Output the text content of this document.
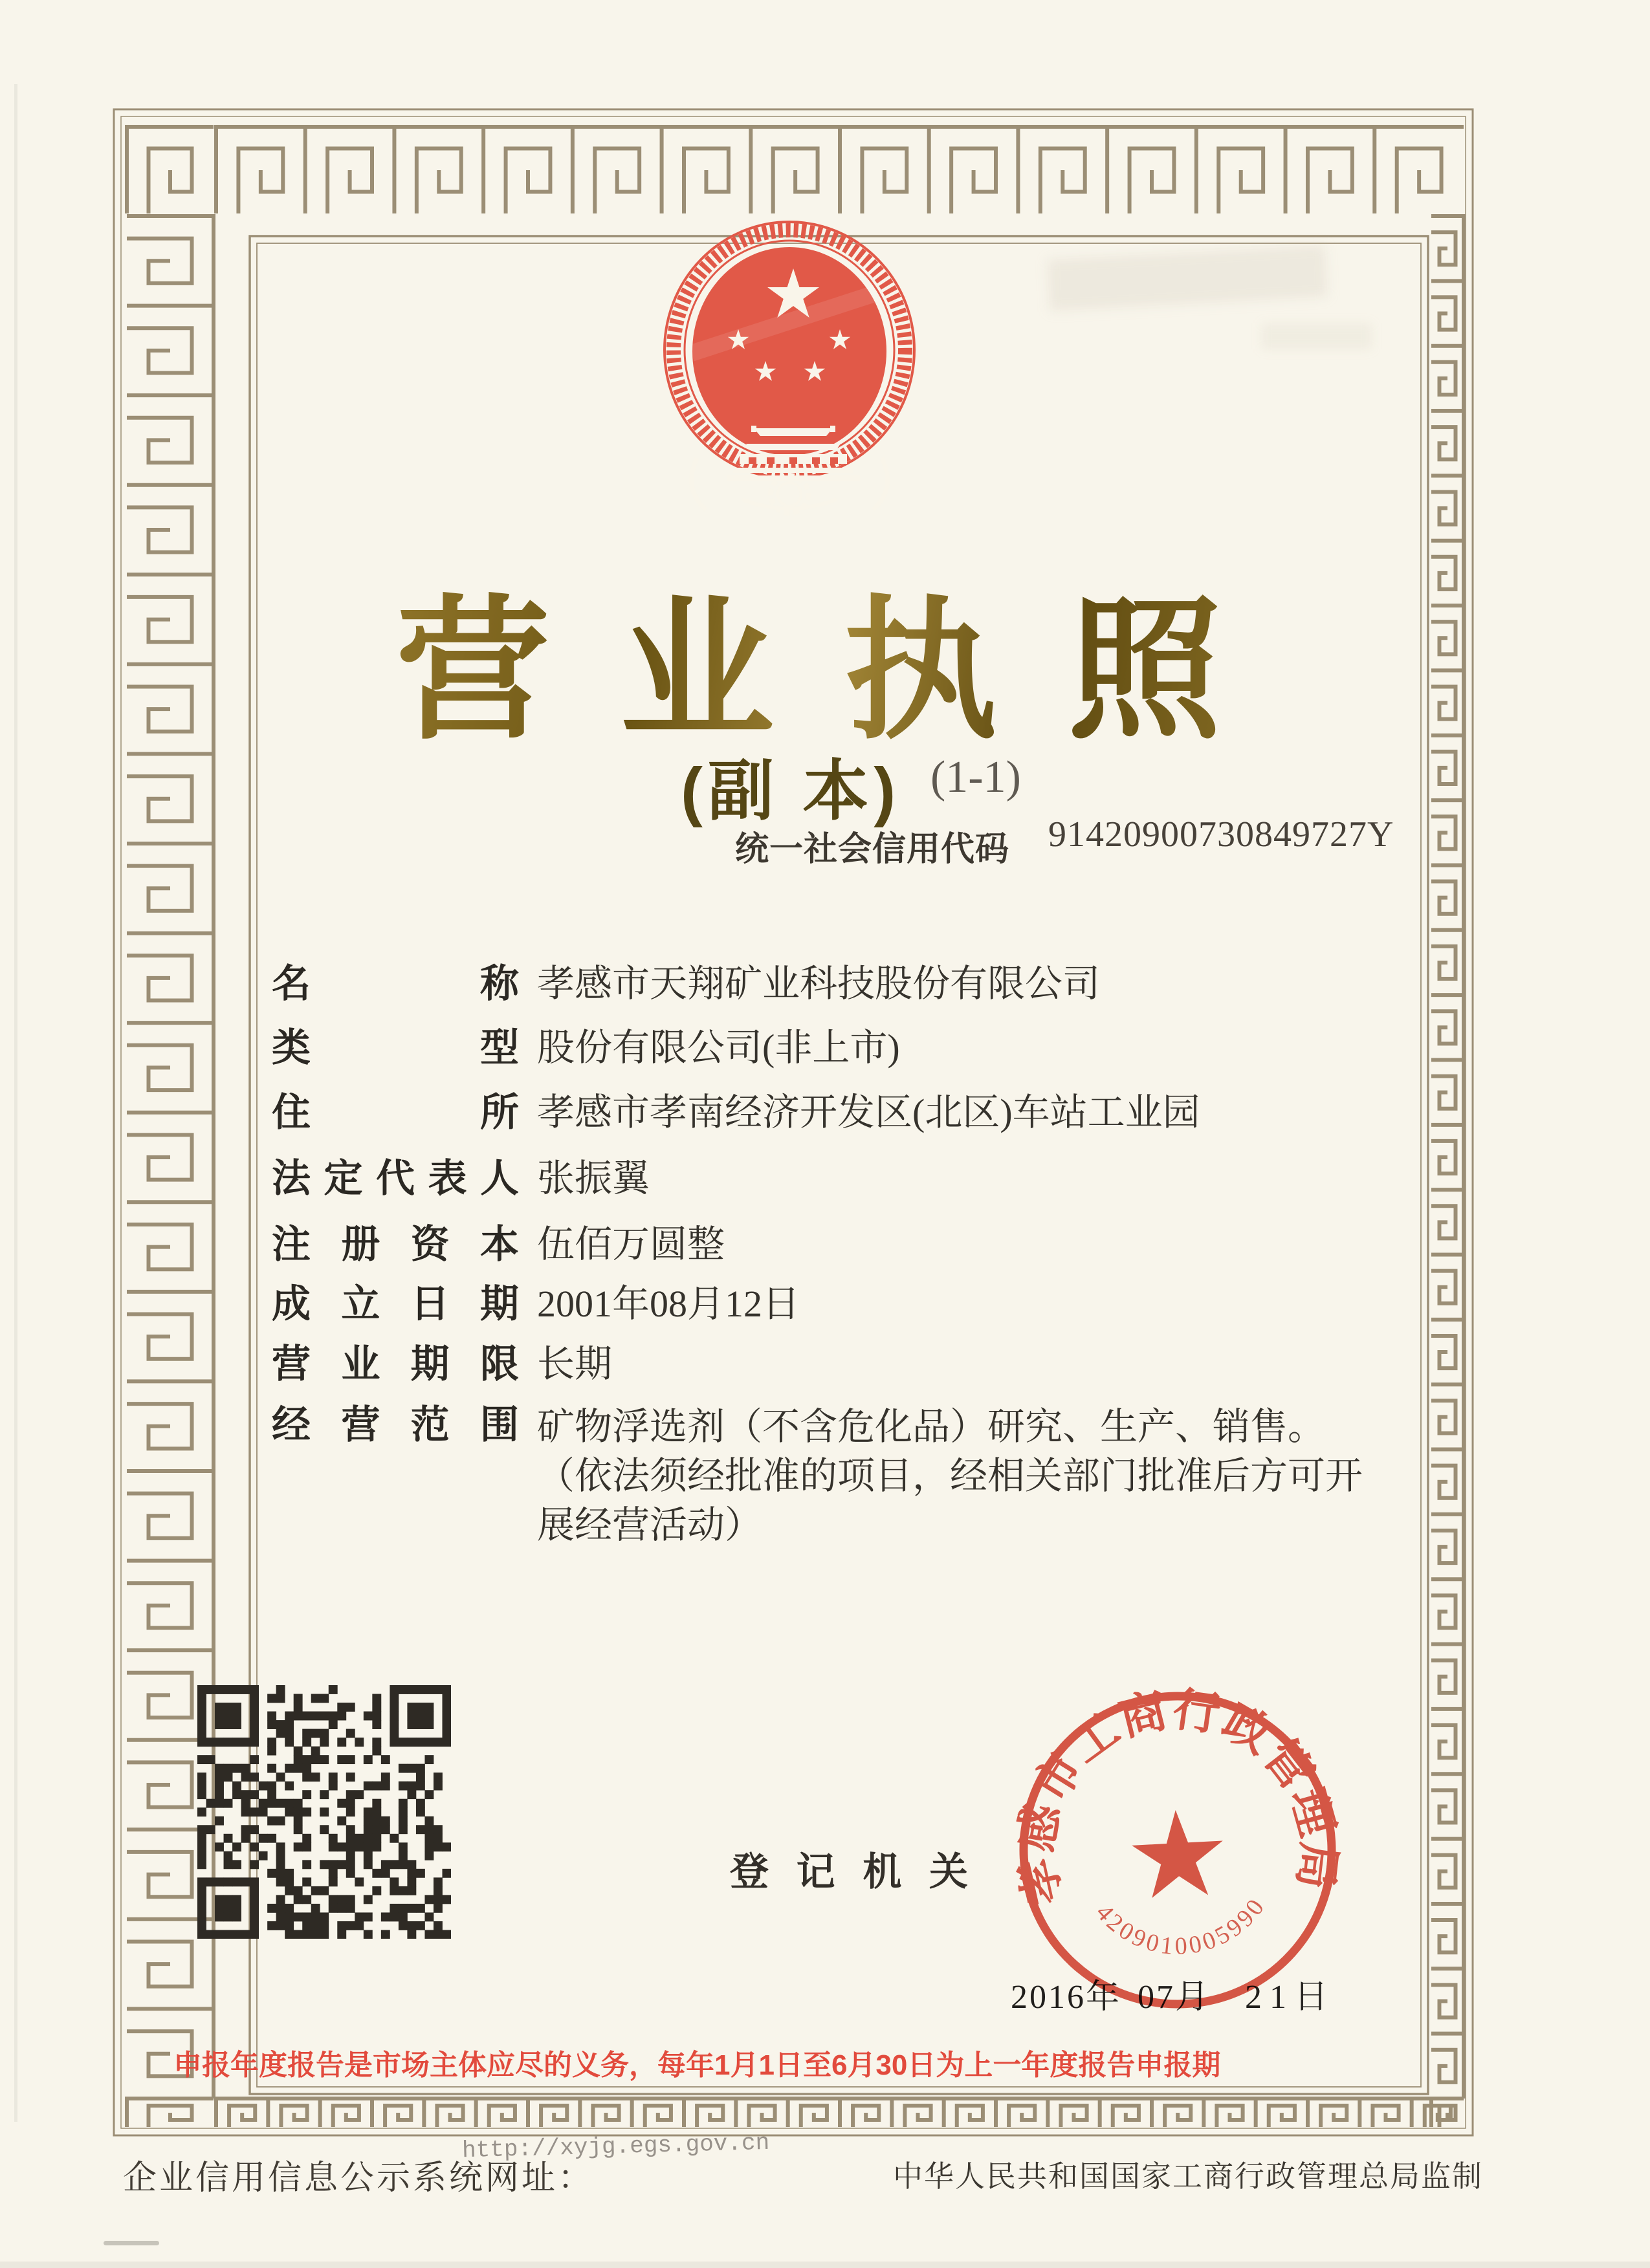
营业执照
(副 本) (1-1)
统一社会信用代码 91420900730849727Y
名	称 孝感市天翔矿业科技股份有限公司
类	型 股份有限公司(非上市)
住	所 孝感市孝南经济开发区(北区)车站工业园
法 定 代 表 人 张振翼
注 册 资 本 伍佰万圆整
成 立 日 期 2001年08月12日
营 业 期 限 长期
经 营 范 围 矿物浮选剂（不含危化品）研究、生产、销售。
（依法须经批准的项目，经相关部门批准后方可开
展经营活动）
登 记 机 关
2016年 07月 21日
孝感市工商行政管理局
4209010005990
申报年度报告是市场主体应尽的义务，每年1月1日至6月30日为上一年度报告申报期
http://xyjg.egs.gov.cn
企业信用信息公示系统网址：	中华人民共和国国家工商行政管理总局监制
